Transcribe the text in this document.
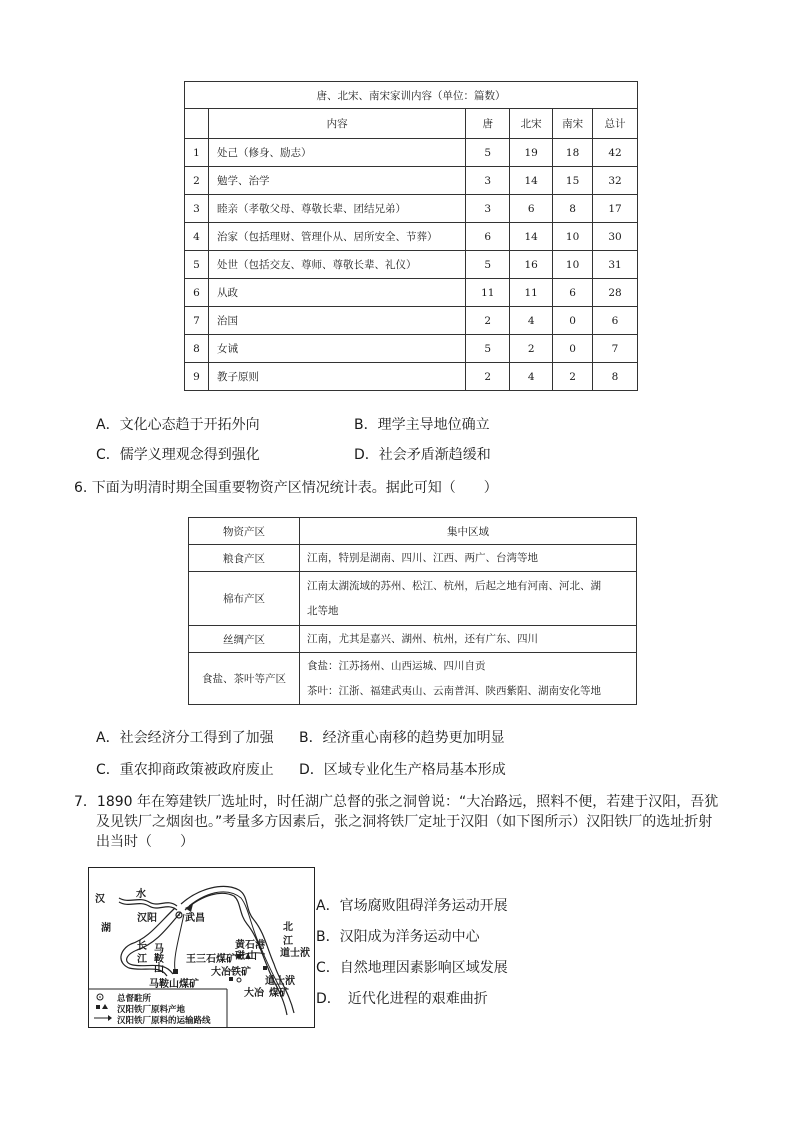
唐、北宋、南宋家训内容（单位：篇数）					
	内容	唐	北宋	南宋	总计
1	处己（修身、励志）	5	19	18	42
2	勉学、治学	3	14	15	32
3	睦亲（孝敬父母、尊敬长辈、团结兄弟）	3	6	8	17
4	治家（包括理财、管理仆从、居所安全、节葬）	6	14	10	30
5	处世（包括交友、尊师、尊敬长辈、礼仪）	5	16	10	31
6	从政	11	11	6	28
7	治国	2	4	0	6
8	女诫	5	2	0	7
9	教子原则	2	4	2	8
A．文化心态趋于开拓外向	B．理学主导地位确立
C．儒学义理观念得到强化	D．社会矛盾渐趋缓和
6. 下面为明清时期全国重要物资产区情况统计表。据此可知（　　）
物资产区	集中区域
粮食产区	江南，特别是湖南、四川、江西、两广、台湾等地

棉布产区	江南太湖流域的苏州、松江、杭州，后起之地有河南、河北、湖
北等地

丝绸产区	江南，尤其是嘉兴、湖州、杭州，还有广东、四川

食盐、茶叶等产区	食盐：江苏扬州、山西运城、四川自贡
茶叶：江浙、福建武夷山、云南普洱、陕西紫阳、湖南安化等地
A．社会经济分工得到了加强 B．经济重心南移的趋势更加明显
C．重农抑商政策被政府废止 D．区域专业化生产格局基本形成
7．1890 年在筹建铁厂选址时，时任湖广总督的张之洞曾说：“大冶路远，照料不便，若建于汉阳，吾犹
及见铁厂之烟囱也。”考量多方因素后，张之洞将铁厂定址于汉阳（如下图所示）汉阳铁厂的选址折射
出当时（　　）
汉	水
汉阳	武昌
湖
长
江
马
鞍
山
黄石港
王三石煤矿 磁 山
北
江
道士洑
马鞍山煤矿
大冶铁矿
大冶
道士洑
煤矿
总督駐所
汉阳铁厂原料产地
汉阳铁厂原料的运输路线
A．官场腐败阻碍洋务运动开展
B．汉阳成为洋务运动中心
C．自然地理因素影响区域发展
D．　近代化进程的艰难曲折
